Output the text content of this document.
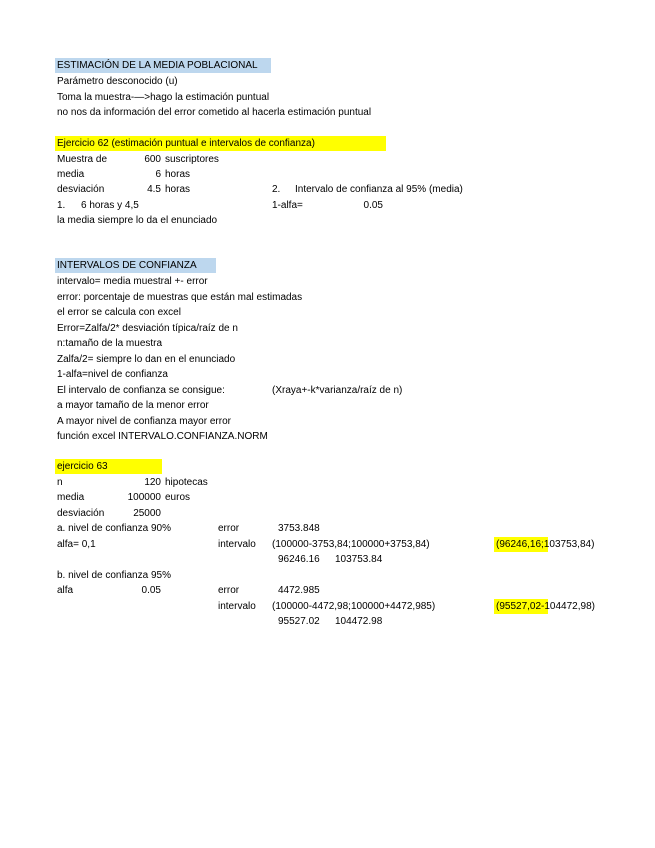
ESTIMACIÓN DE LA MEDIA POBLACIONAL
Parámetro desconocido (u)
Toma la muestra-—>hago la estimación puntual
no nos da información del error cometido al hacerla estimación puntual
Ejercicio 62 (estimación puntual e intervalos de confianza)
Muestra de	600 suscriptores
media	6 horas
desviación	4.5 horas	2. Intervalo de confianza al 95% (media)
1. 6 horas y 4,5	1-alfa=	0.05
la media siempre lo da el enunciado
INTERVALOS DE CONFIANZA
intervalo= media muestral +- error
error: porcentaje de muestras que están mal estimadas
el error se calcula con excel
Error=Zalfa/2* desviación típica/raíz de n
n:tamaño de la muestra
Zalfa/2= siempre lo dan en el enunciado
1-alfa=nivel de confianza
El intervalo de confianza se consigue:	(Xraya+-k*varianza/raíz de n)
a mayor tamaño de la menor error
A mayor nivel de confianza mayor error
función excel INTERVALO.CONFIANZA.NORM
ejercicio 63
n	120 hipotecas
media	100000 euros
desviación	25000
a. nivel de confianza 90%	error	3753.848
alfa= 0,1	intervalo (100000-3753,84;100000+3753,84)	(96246,16;103753,84)
96246.16 103753.84
b. nivel de confianza 95%
alfa	0.05	error	4472.985
intervalo (100000-4472,98;100000+4472,985)	(95527,02-104472,98)
95527.02 104472.98
